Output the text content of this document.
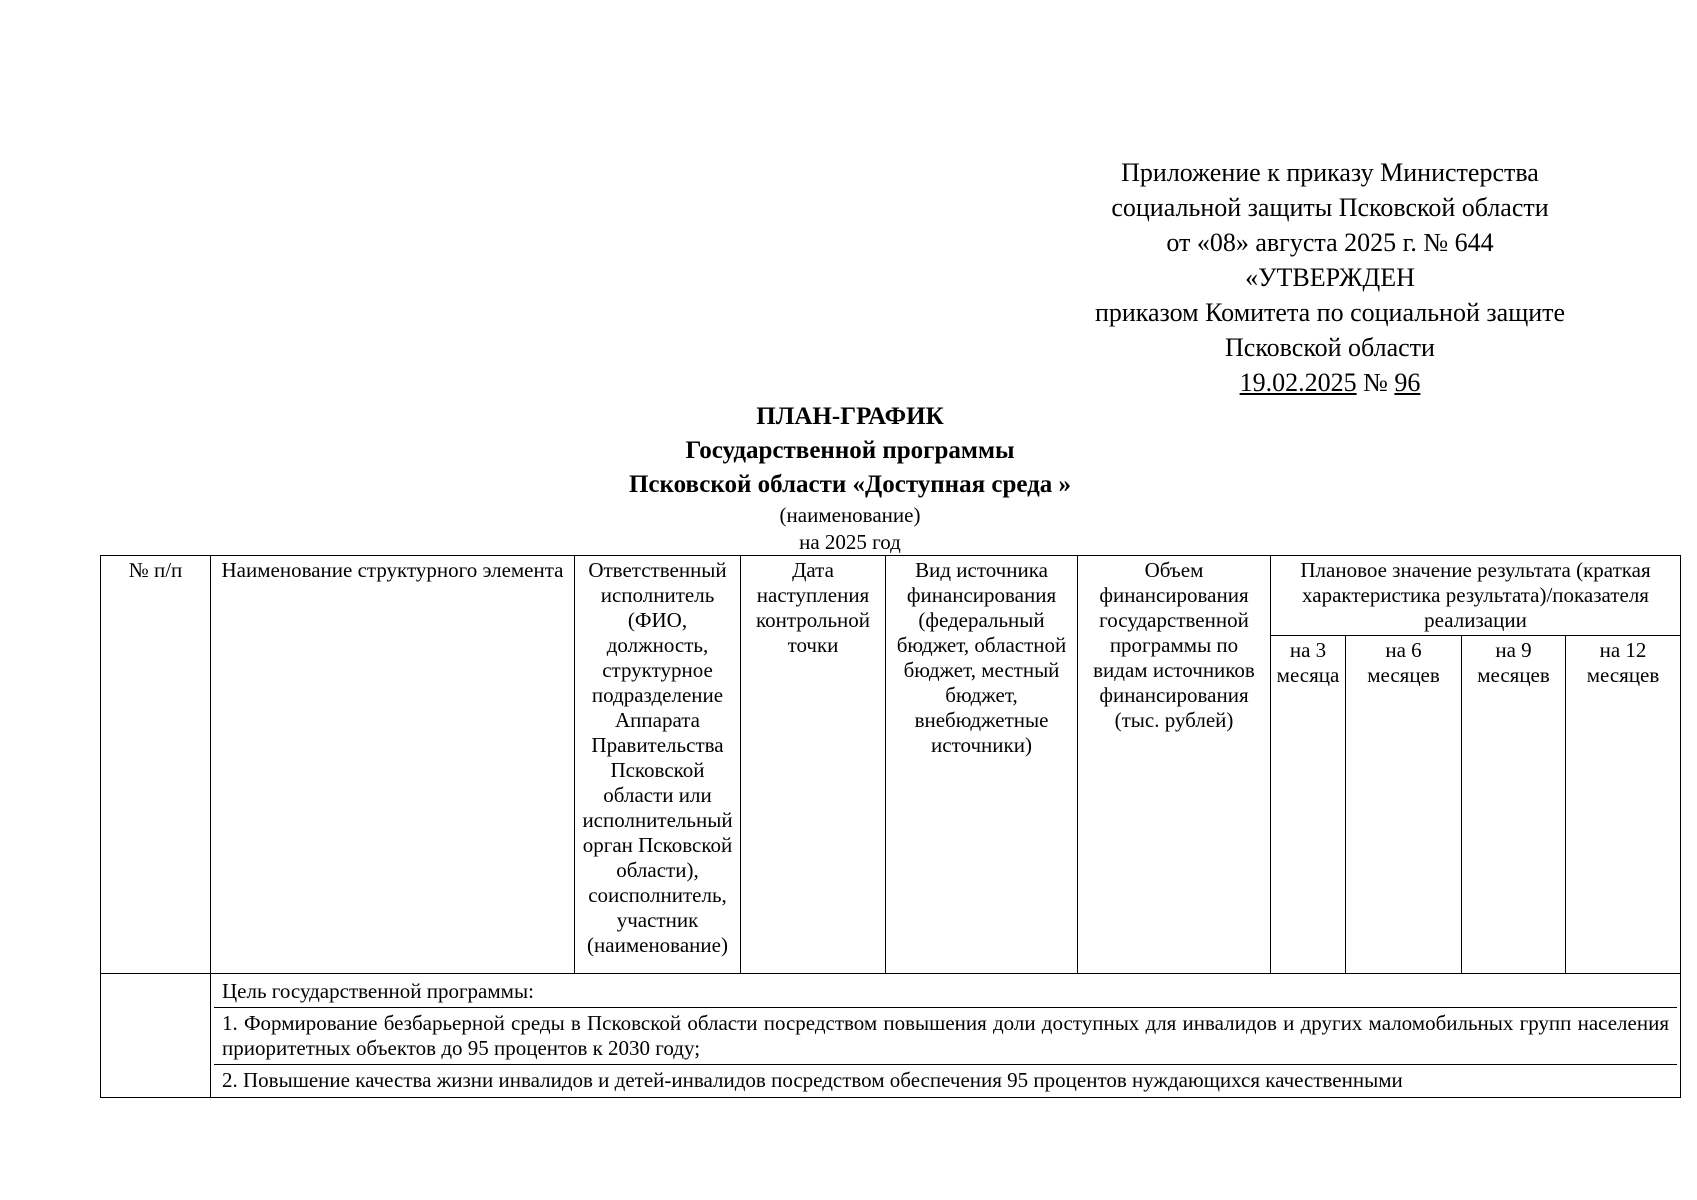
Приложение к приказу Министерства
социальной защиты Псковской области
от «08» августа 2025 г. № 644
«УТВЕРЖДЕН
приказом Комитета по социальной защите
Псковской области
19.02.2025 № 96
ПЛАН-ГРАФИК
Государственной программы
Псковской области «Доступная среда »
(наименование)
на 2025 год
№ п/п	Наименование структурного элемента	Ответственный исполнитель (ФИО, должность, структурное подразделение Аппарата Правительства Псковской области или исполнительный орган Псковской области), соисполнитель, участник (наименование)	Дата наступления контрольной точки	Вид источника финансирования (федеральный бюджет, областной бюджет, местный бюджет, внебюджетные источники)	Объем финансирования государственной программы по видам источников финансирования (тыс. рублей)	Плановое значение результата (краткая характеристика результата)/показателя реализации			
						на 3 месяца	на 6 месяцев	на 9 месяцев	на 12 месяцев

	Цель государственной программы:
1. Формирование безбарьерной среды в Псковской области посредством повышения доли доступных для инвалидов и других маломобильных групп населения приоритетных объектов до 95 процентов к 2030 году;
2. Повышение качества жизни инвалидов и детей-инвалидов посредством обеспечения 95 процентов нуждающихся качественными								
